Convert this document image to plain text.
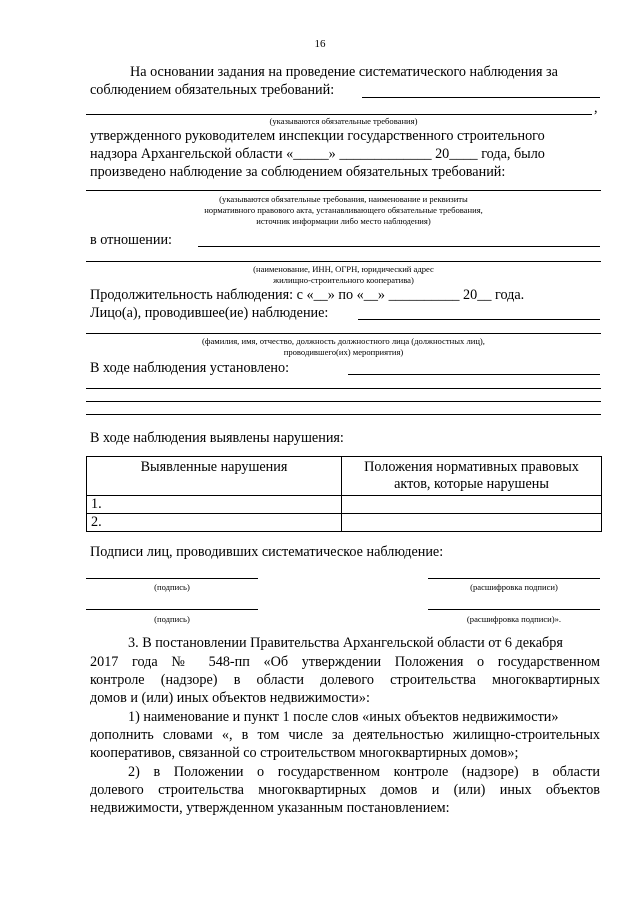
16
На основании задания на проведение систематического наблюдения за
соблюдением обязательных требований:
,
(указываются обязательные требования)
утвержденного руководителем инспекции государственного строительного
надзора Архангельской области «_____» _____________ 20____ года, было
произведено наблюдение за соблюдением обязательных требований:
(указываются обязательные требования, наименование и реквизиты
нормативного правового акта, устанавливающего обязательные требования,
источник информации либо место наблюдения)
в отношении:
(наименование, ИНН, ОГРН, юридический адрес
жилищно-строительного кооператива)
Продолжительность наблюдения: с «__» по «__» __________ 20__ года.
Лицо(а), проводившее(ие) наблюдение:
(фамилия, имя, отчество, должность должностного лица (должностных лиц),
проводившего(их) мероприятия)
В ходе наблюдения установлено:
В ходе наблюдения выявлены нарушения:
Выявленные нарушения	Положения нормативных правовых
актов, которые нарушены

1.	
2.	
Подписи лиц, проводивших систематическое наблюдение:
(подпись)	(расшифровка подписи)
(подпись)	(расшифровка подписи)».
3. В постановлении Правительства Архангельской области от 6 декабря
2017 года № 548-пп «Об утверждении Положения о государственном
контроле (надзоре) в области долевого строительства многоквартирных
домов и (или) иных объектов недвижимости»:
1) наименование и пункт 1 после слов «иных объектов недвижимости»
дополнить словами «, в том числе за деятельностью жилищно-строительных
кооперативов, связанной со строительством многоквартирных домов»;
2) в Положении о государственном контроле (надзоре) в области
долевого строительства многоквартирных домов и (или) иных объектов
недвижимости, утвержденном указанным постановлением:
